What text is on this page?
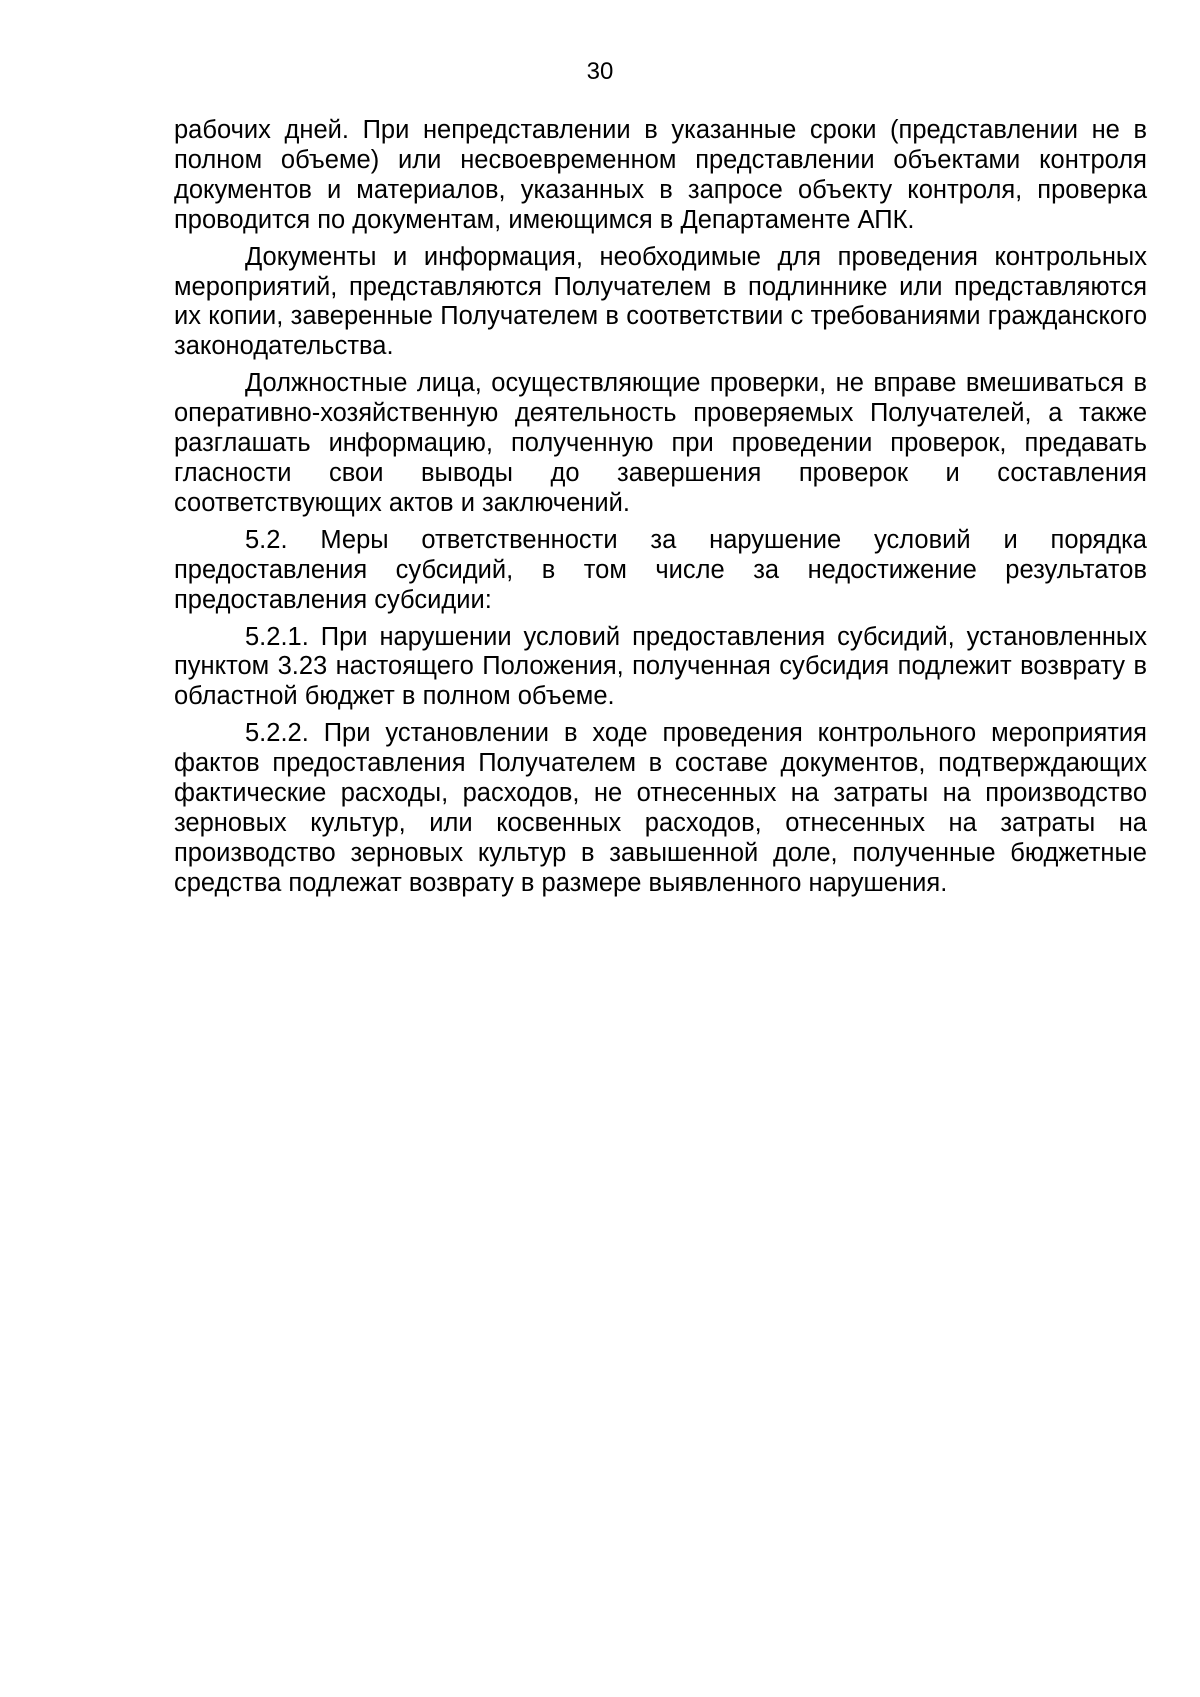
30

рабочих дней. При непредставлении в указанные сроки (представлении не в полном объеме) или несвоевременном представлении объектами контроля документов и материалов, указанных в запросе объекту контроля, проверка проводится по документам, имеющимся в Департаменте АПК.

Документы и информация, необходимые для проведения контрольных мероприятий, представляются Получателем в подлиннике или представляются их копии, заверенные Получателем в соответствии с требованиями гражданского законодательства.

Должностные лица, осуществляющие проверки, не вправе вмешиваться в оперативно-хозяйственную деятельность проверяемых Получателей, а также разглашать информацию, полученную при проведении проверок, предавать гласности свои выводы до завершения проверок и составления соответствующих актов и заключений.

5.2. Меры ответственности за нарушение условий и порядка предоставления субсидий, в том числе за недостижение результатов предоставления субсидии:

5.2.1. При нарушении условий предоставления субсидий, установленных пунктом 3.23 настоящего Положения, полученная субсидия подлежит возврату в областной бюджет в полном объеме.

5.2.2. При установлении в ходе проведения контрольного мероприятия фактов предоставления Получателем в составе документов, подтверждающих фактические расходы, расходов, не отнесенных на затраты на производство зерновых культур, или косвенных расходов, отнесенных на затраты на производство зерновых культур в завышенной доле, полученные бюджетные средства подлежат возврату в размере выявленного нарушения.
